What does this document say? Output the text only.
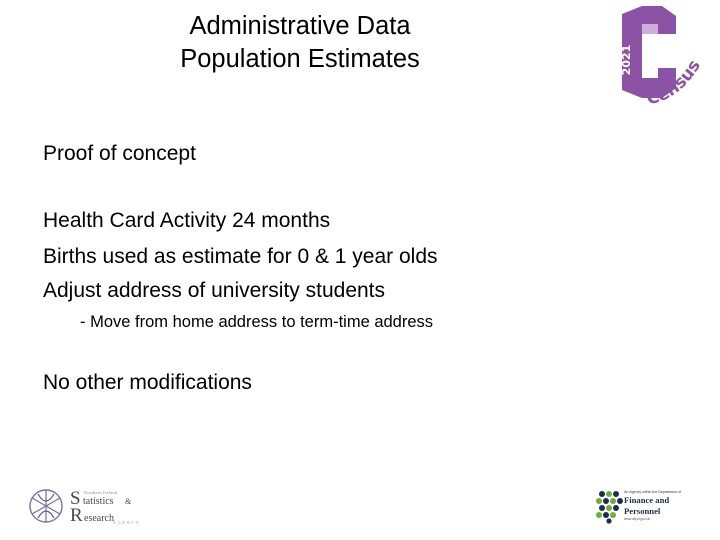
Administrative Data
Population Estimates	2021
Census
Proof of concept
Health Card Activity 24 months
Births used as estimate for 0 & 1 year olds
Adjust address of university students
- Move from home address to term-time address
No other modifications
Northern Ireland
S tatistics &
R esearch AGENCY
An Agency within the Department of
Finance and
Personnel
www.dfpni.gov.uk
